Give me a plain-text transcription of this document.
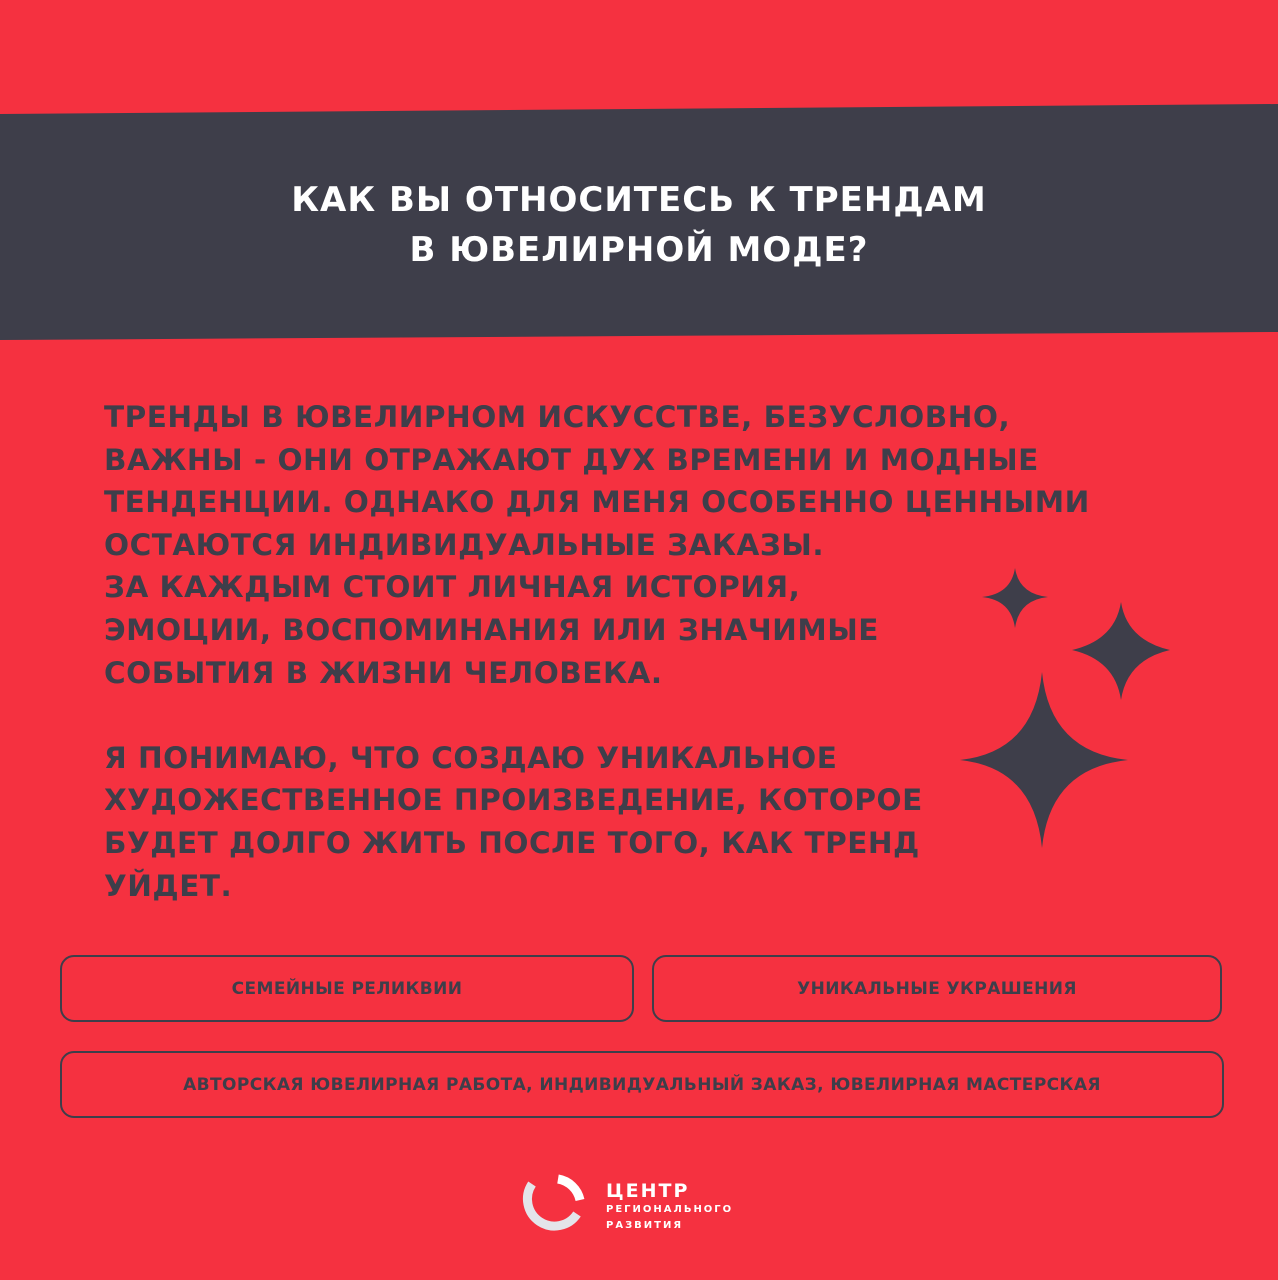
КАК ВЫ ОТНОСИТЕСЬ К ТРЕНДАМ
В ЮВЕЛИРНОЙ МОДЕ?

ТРЕНДЫ В ЮВЕЛИРНОМ ИСКУССТВЕ, БЕЗУСЛОВНО,
ВАЖНЫ - ОНИ ОТРАЖАЮТ ДУХ ВРЕМЕНИ И МОДНЫЕ
ТЕНДЕНЦИИ. ОДНАКО ДЛЯ МЕНЯ ОСОБЕННО ЦЕННЫМИ
ОСТАЮТСЯ ИНДИВИДУАЛЬНЫЕ ЗАКАЗЫ.
ЗА КАЖДЫМ СТОИТ ЛИЧНАЯ ИСТОРИЯ,
ЭМОЦИИ, ВОСПОМИНАНИЯ ИЛИ ЗНАЧИМЫЕ
СОБЫТИЯ В ЖИЗНИ ЧЕЛОВЕКА.

Я ПОНИМАЮ, ЧТО СОЗДАЮ УНИКАЛЬНОЕ
ХУДОЖЕСТВЕННОЕ ПРОИЗВЕДЕНИЕ, КОТОРОЕ
БУДЕТ ДОЛГО ЖИТЬ ПОСЛЕ ТОГО, КАК ТРЕНД
УЙДЕТ.

СЕМЕЙНЫЕ РЕЛИКВИИ	УНИКАЛЬНЫЕ УКРАШЕНИЯ
АВТОРСКАЯ ЮВЕЛИРНАЯ РАБОТА, ИНДИВИДУАЛЬНЫЙ ЗАКАЗ, ЮВЕЛИРНАЯ МАСТЕРСКАЯ
ЦЕНТР
РЕГИОНАЛЬНОГО
РАЗВИТИЯ
